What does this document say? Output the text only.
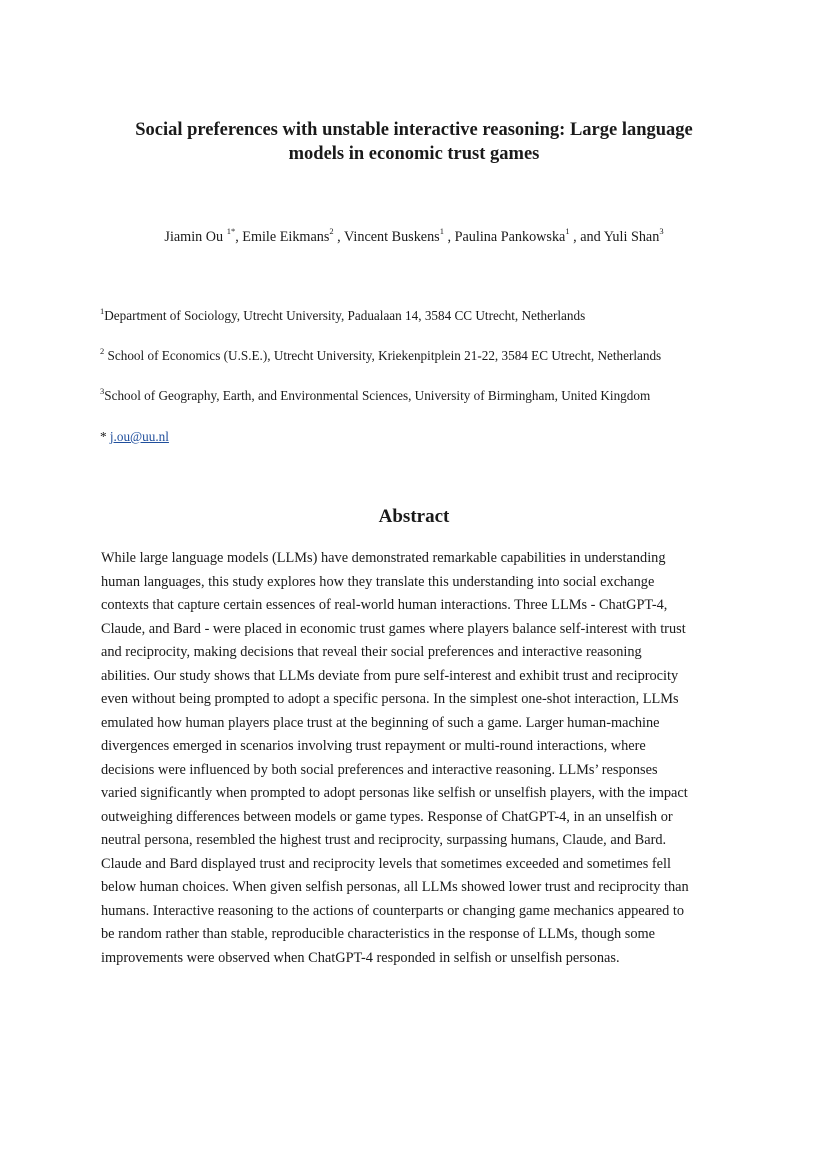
Social preferences with unstable interactive reasoning: Large language
models in economic trust games
Jiamin Ou $^{1*}$, Emile Eikmans$^2$ , Vincent Buskens$^1$ , Paulina Pankowska$^1$ , and Yuli Shan$^3$
$^1$Department of Sociology, Utrecht University, Padualaan 14, 3584 CC Utrecht, Netherlands
$^2$ School of Economics (U.S.E.), Utrecht University, Kriekenpitplein 21-22, 3584 EC Utrecht, Netherlands
$^3$School of Geography, Earth, and Environmental Sciences, University of Birmingham, United Kingdom
* j.ou@uu.nl
Abstract
While large language models (LLMs) have demonstrated remarkable capabilities in understanding
human languages, this study explores how they translate this understanding into social exchange
contexts that capture certain essences of real-world human interactions. Three LLMs - ChatGPT-4,
Claude, and Bard - were placed in economic trust games where players balance self-interest with trust
and reciprocity, making decisions that reveal their social preferences and interactive reasoning
abilities. Our study shows that LLMs deviate from pure self-interest and exhibit trust and reciprocity
even without being prompted to adopt a specific persona. In the simplest one-shot interaction, LLMs
emulated how human players place trust at the beginning of such a game. Larger human-machine
divergences emerged in scenarios involving trust repayment or multi-round interactions, where
decisions were influenced by both social preferences and interactive reasoning. LLMs’ responses
varied significantly when prompted to adopt personas like selfish or unselfish players, with the impact
outweighing differences between models or game types. Response of ChatGPT-4, in an unselfish or
neutral persona, resembled the highest trust and reciprocity, surpassing humans, Claude, and Bard.
Claude and Bard displayed trust and reciprocity levels that sometimes exceeded and sometimes fell
below human choices. When given selfish personas, all LLMs showed lower trust and reciprocity than
humans. Interactive reasoning to the actions of counterparts or changing game mechanics appeared to
be random rather than stable, reproducible characteristics in the response of LLMs, though some
improvements were observed when ChatGPT-4 responded in selfish or unselfish personas.
